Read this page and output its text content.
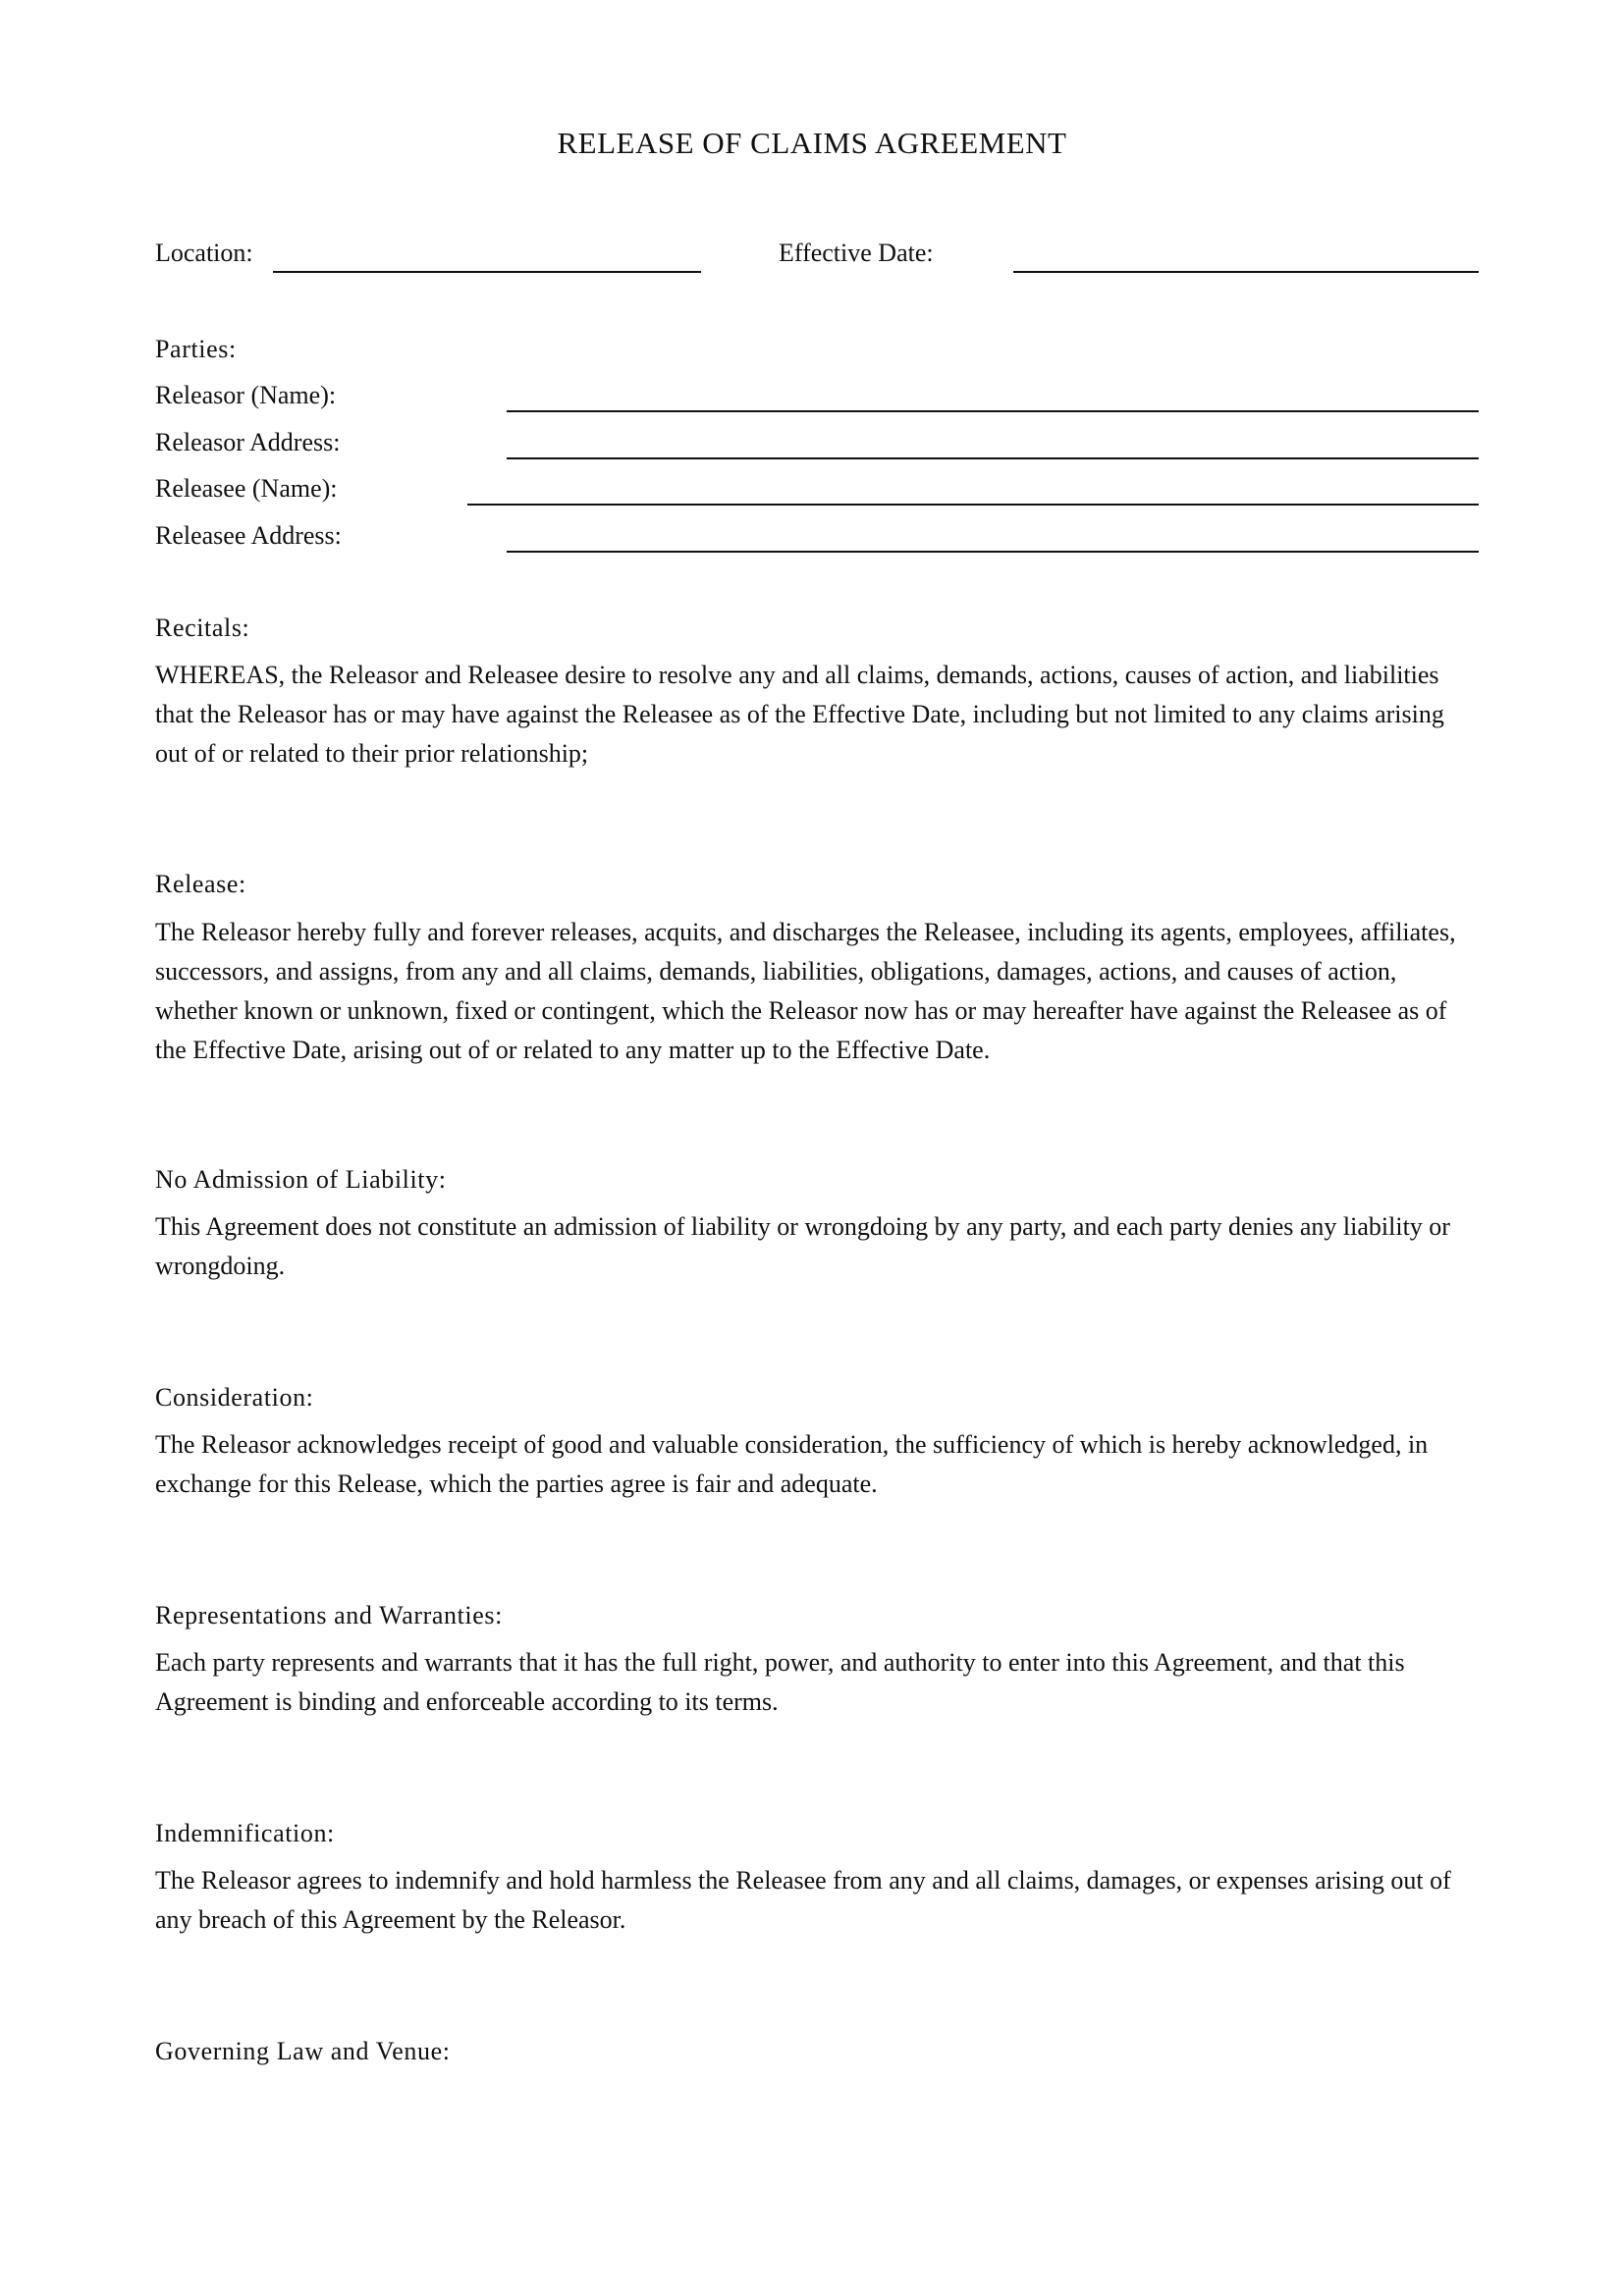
RELEASE OF CLAIMS AGREEMENT
Location:	Effective Date:
Parties:
Releasor (Name):
Releasor Address:
Releasee (Name):
Releasee Address:
Recitals:
WHEREAS, the Releasor and Releasee desire to resolve any and all claims, demands, actions, causes of action, and liabilities that the Releasor has or may have against the Releasee as of the Effective Date, including but not limited to any claims arising out of or related to their prior relationship;
Release:
The Releasor hereby fully and forever releases, acquits, and discharges the Releasee, including its agents, employees, affiliates, successors, and assigns, from any and all claims, demands, liabilities, obligations, damages, actions, and causes of action, whether known or unknown, fixed or contingent, which the Releasor now has or may hereafter have against the Releasee as of the Effective Date, arising out of or related to any matter up to the Effective Date.
No Admission of Liability:
This Agreement does not constitute an admission of liability or wrongdoing by any party, and each party denies any liability or wrongdoing.
Consideration:
The Releasor acknowledges receipt of good and valuable consideration, the sufficiency of which is hereby acknowledged, in exchange for this Release, which the parties agree is fair and adequate.
Representations and Warranties:
Each party represents and warrants that it has the full right, power, and authority to enter into this Agreement, and that this Agreement is binding and enforceable according to its terms.
Indemnification:
The Releasor agrees to indemnify and hold harmless the Releasee from any and all claims, damages, or expenses arising out of any breach of this Agreement by the Releasor.
Governing Law and Venue:
